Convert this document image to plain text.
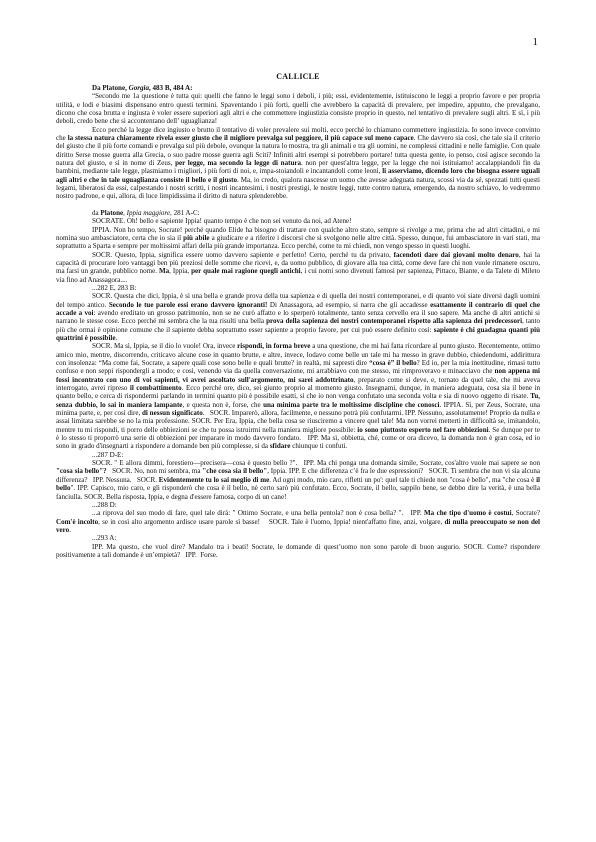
1
CALLICLE

Da Platone, Gorgia, 483 B, 484 A:

“Secondo me 1a questione è tutta qui: quelli che fanno le leggi sono i deboli, i più; essi, evidentemente, istituiscono le leggi a proprio favore e per propria utilità, e lodi e biasimi dispensano entro questi termini. Spaventando i più forti, quelli che avrebbero la capacità di prevalere, per impedire, appunto, che prevalgano, dicono che cosa brutta e ingiusta è voler essere superiori agli altri e che commettere ingiustizia consiste proprio in questo, nel tentativo di prevalere sugli altri. E sì, i più deboli, credo bene che si accontentano dell’ uguaglianza!

Ecco perché la legge dice ingiusto e brutto il tentativo di voler prevalere sui molti, ecco perché lo chiamano commettere ingiustizia. Io sono invece convinto che la stessa natura chiaramente rivela esser giusto che il migliore prevalga sul peggiore, il più capace sul meno capace. Che davvero sia così, che tale sia il criterio del giusto che il più forte comandi e prevalga sul più debole, ovunque la natura lo mostra, tra gli animali e tra gli uomini, ne complessi cittadini e nelle famiglie. Con quale diritto Serse mosse guerra alla Grecia, o suo padre mosse guerra agli Sciti? Infiniti altri esempi si potrebbero portare! tutta questa gente, io penso, così agisce secondo la natura del giusto, e sì in nome di Zeus, per legge, ma secondo la legge di natura. non per quest'altra legge, per la legge che noi istituiamo! accalappiandoli fin da bambini, mediante tale legge, plasmiamo i migliori, i più forti di noi, e, impa-stoiandoli e incantandoli come leoni, li asserviamo, dicendo loro che bisogna essere uguali agli altri e che in tale uguaglianza consiste il bello e il giusto. Ma, io credo, qualora nascesse un uomo che avesse adeguata natura, scossi via da sé, spezzati tutti questi legami, liberatosi da essi, calpestando i nostri scritti, i nostri incantesimi, i nostri prestigi, le nostre leggi, tutte contro natura, emergendo, da nostro schiavo, lo vedremmo nostro padrone, e qui, allora, di luce limpidissima il diritto di natura splenderebbe.

da Platone, Ippia maggiore, 281 A-C:

SOCRATE. Oh! bello e sapiente Ippia! quanto tempo è che non sei venuto da noi, ad Atene!

IPPIA. Non ho tempo, Socrate! perché quando Elide ha bisogno di trattare con qualche altro stato, sempre si rivolge a me, prima che ad altri cittadini, e mi nomina suo ambasciatore, certa che io sia il più abile a giudicare e a riferire i discorsi che si svolgono nelle altre città. Spesso, dunque, fui ambasciatore in vari stati, ma soprattutto a Sparta e sempre per moltissimi affari della più grande importanza. Ecco perché, come tu mi chiedi, non vengo spesso in questi luoghi.

SOCR. Questo, Ippia, significa essere uomo davvero sapiente e perfetto! Certo, perché tu da privato, facendoti dare dai giovani molto denaro, hai la capacità di procurare loro vantaggi ben più preziosi delle somme che ricevi, e, da uomo pubblico, di giovare alla tua città, come deve fare chi non vuole rimanere oscuro, ma farsi un grande, pubblico nome. Ma, Ippia, per quale mai ragione quegli antichi, i cui nomi sono divenuti famosi per sapienza, Pittaco, Biante, e da Talete di Mileto via fino ad Anassagora....

...282 E, 283 B:

SOCR. Questa che dici, Ippia, è sì una bella e grande prova della tua sapienza e di quella dei nostri contemporanei, e di quanto voi siate diversi dagli uomini del tempo antico. Secondo le tue parole essi erano davvero ignoranti! Di Anassagora, ad esempio, si narra che gli accadesse esattamente il contrario di quel che accade a voi: avendo ereditato un grosso patrimonio, non se ne curò affatto e lo sperperò totalmente, tanto senza cervello era il suo sapere. Ma anche di altri antichi si narrano le stesse cose. Ecco perché mi sembra che la tua risulti una bella prova della sapienza dei nostri contemporanei rispetto alla sapienza dei predecessori, tanto più che ormai è opinione comune che il sapiente debba soprattutto esser sapiente a proprio favore, per cui può essere definito così: sapiente è chi guadagna quanti più quattrini è possibile.

SOCR. Ma sì, Ippia, se il dio lo vuole! Ora, invece rispondi, in forma breve a una questione, che mi hai fatta ricordare al punto giusto. Recentemente, ottimo amico mio, mentre, discorrendo, criticavo alcune cose in quanto brutte, e altre, invece, lodavo come belle un tale mi ha messo in grave dubbio, chiedendomi, addirittura con insolenza: “Ma come fai, Socrate, a sapere quali cose sono belle e quali brutte? in realtà, mi sapresti dire “cosa è” il bello? Ed io, per la mia inettitudine, rimasi tutto confuso e non seppi rispondergli a modo; e così, venendo via da quella conversazione, mi arrabbiavo con me stesso, mi rimproveravo e minacciavo che non appena mi fossi incontrato con uno di voi sapienti, vi avrei ascoltato sull'argomento, mi sarei addottrinato, preparato come si deve, e, tornato da quel tale, che mi aveva interrogato, avrei ripreso il combattimento. Ecco perché ore, dico, sei giunto proprio al momento giusto. Insegnami, dunque, in maniera adeguata, cosa sia il bene in quanto bello, e cerca di rispondermi parlando in termini quanto più è possibile esatti, sì che io non venga confutato una seconda volta e sia di nuovo oggetto di risate. Tu, senza dubbio, lo sai in maniera lampante, e questa non è, forse, che una minima parte tra le moltissime discipline che conosci. IPPIA. Sì, per Zeus, Socrate, una minima parte, e, per così dire, di nessun significato.   SOCR. Imparerò, allora, facilmente, e nessuno potrà più confutarmi. IPP. Nessuno, assolutamente! Proprio da nulla e assai limitata sarebbe se no la mia professione. SOCR. Per Era, Ippia, che bella cosa se riusciremo a vincere quel tale! Ma non vorrei metterti in difficoltà se, imitandolo, mentre tu mi rispondi, ti porro delle obbiezioni se che tu possa istruirmi nella maniera migliore possibile: io sono piuttosto esperto nel fare obbiezioni. Se dunque per te è lo stesso ti proporrò una serie di obbiezioni per imparare in modo davvero fondato.   IPP. Ma sì, obbietta, ché, come or ora dicevo, la domanda non è gran cosa, ed io sono in grado d'insegnarti a rispondere a domande ben più complesse, si da sfidare chiunque ti confuti.

...287 D-E:

SOCR. " E allora dimmi, forestiero—precisera—cosa è questo bello ?".   IPP. Ma chi ponga una domanda simile, Socrate, cos'altro vuole mai sapere se non "cosa sia bello"?   SOCR. No, non mi sembra, ma "che cosa sia il bello", Ippia. IPP. E che differenza c’è fra le due espressioni?   SOCR. Ti sembra che non vi sia alcuna differenza?   IPP. Nessuna.   SOCR. Evidentemente tu lo sai meglio di me. Ad ogni modo, mio caro, rifletti un po': quel tale ti chiede non "cosa è bello", ma "che cosa è il bello". IPP. Capisco, mio caro, e gli risponderò che cosa è il bello, nè certo sarò più confutato. Ecco, Socrate, il bello, sappilo bene, se debbo dire la verità, è una bella fanciulla. SOCR. Bella risposta, Ippia, e degna d'essere famosa, corpo di un cane!

...288 D:

...a riprova del suo modo di fare, quel tale dirà: " Ottimo Socrate, e una bella pentola? non è cosa bella? ".   IPP. Ma che tipo d'uomo è costui, Socrate? Com'è incolto, se in così alto argomento ardisce usare parole sì basse!    SOCR. Tale è l'uomo, Ippia! nient'affatto fine, anzi, volgare, di nulla preoccupato se non del vero.

...293 A:

IPP. Ma questo, che vuol dire? Mandalo tra i beati! Socrate, le domande di quest’uomo non sono parole di buon augurio. SOCR. Come? rispondere positivamente a tali domande è un’empietà?   IPP.  Forse.
